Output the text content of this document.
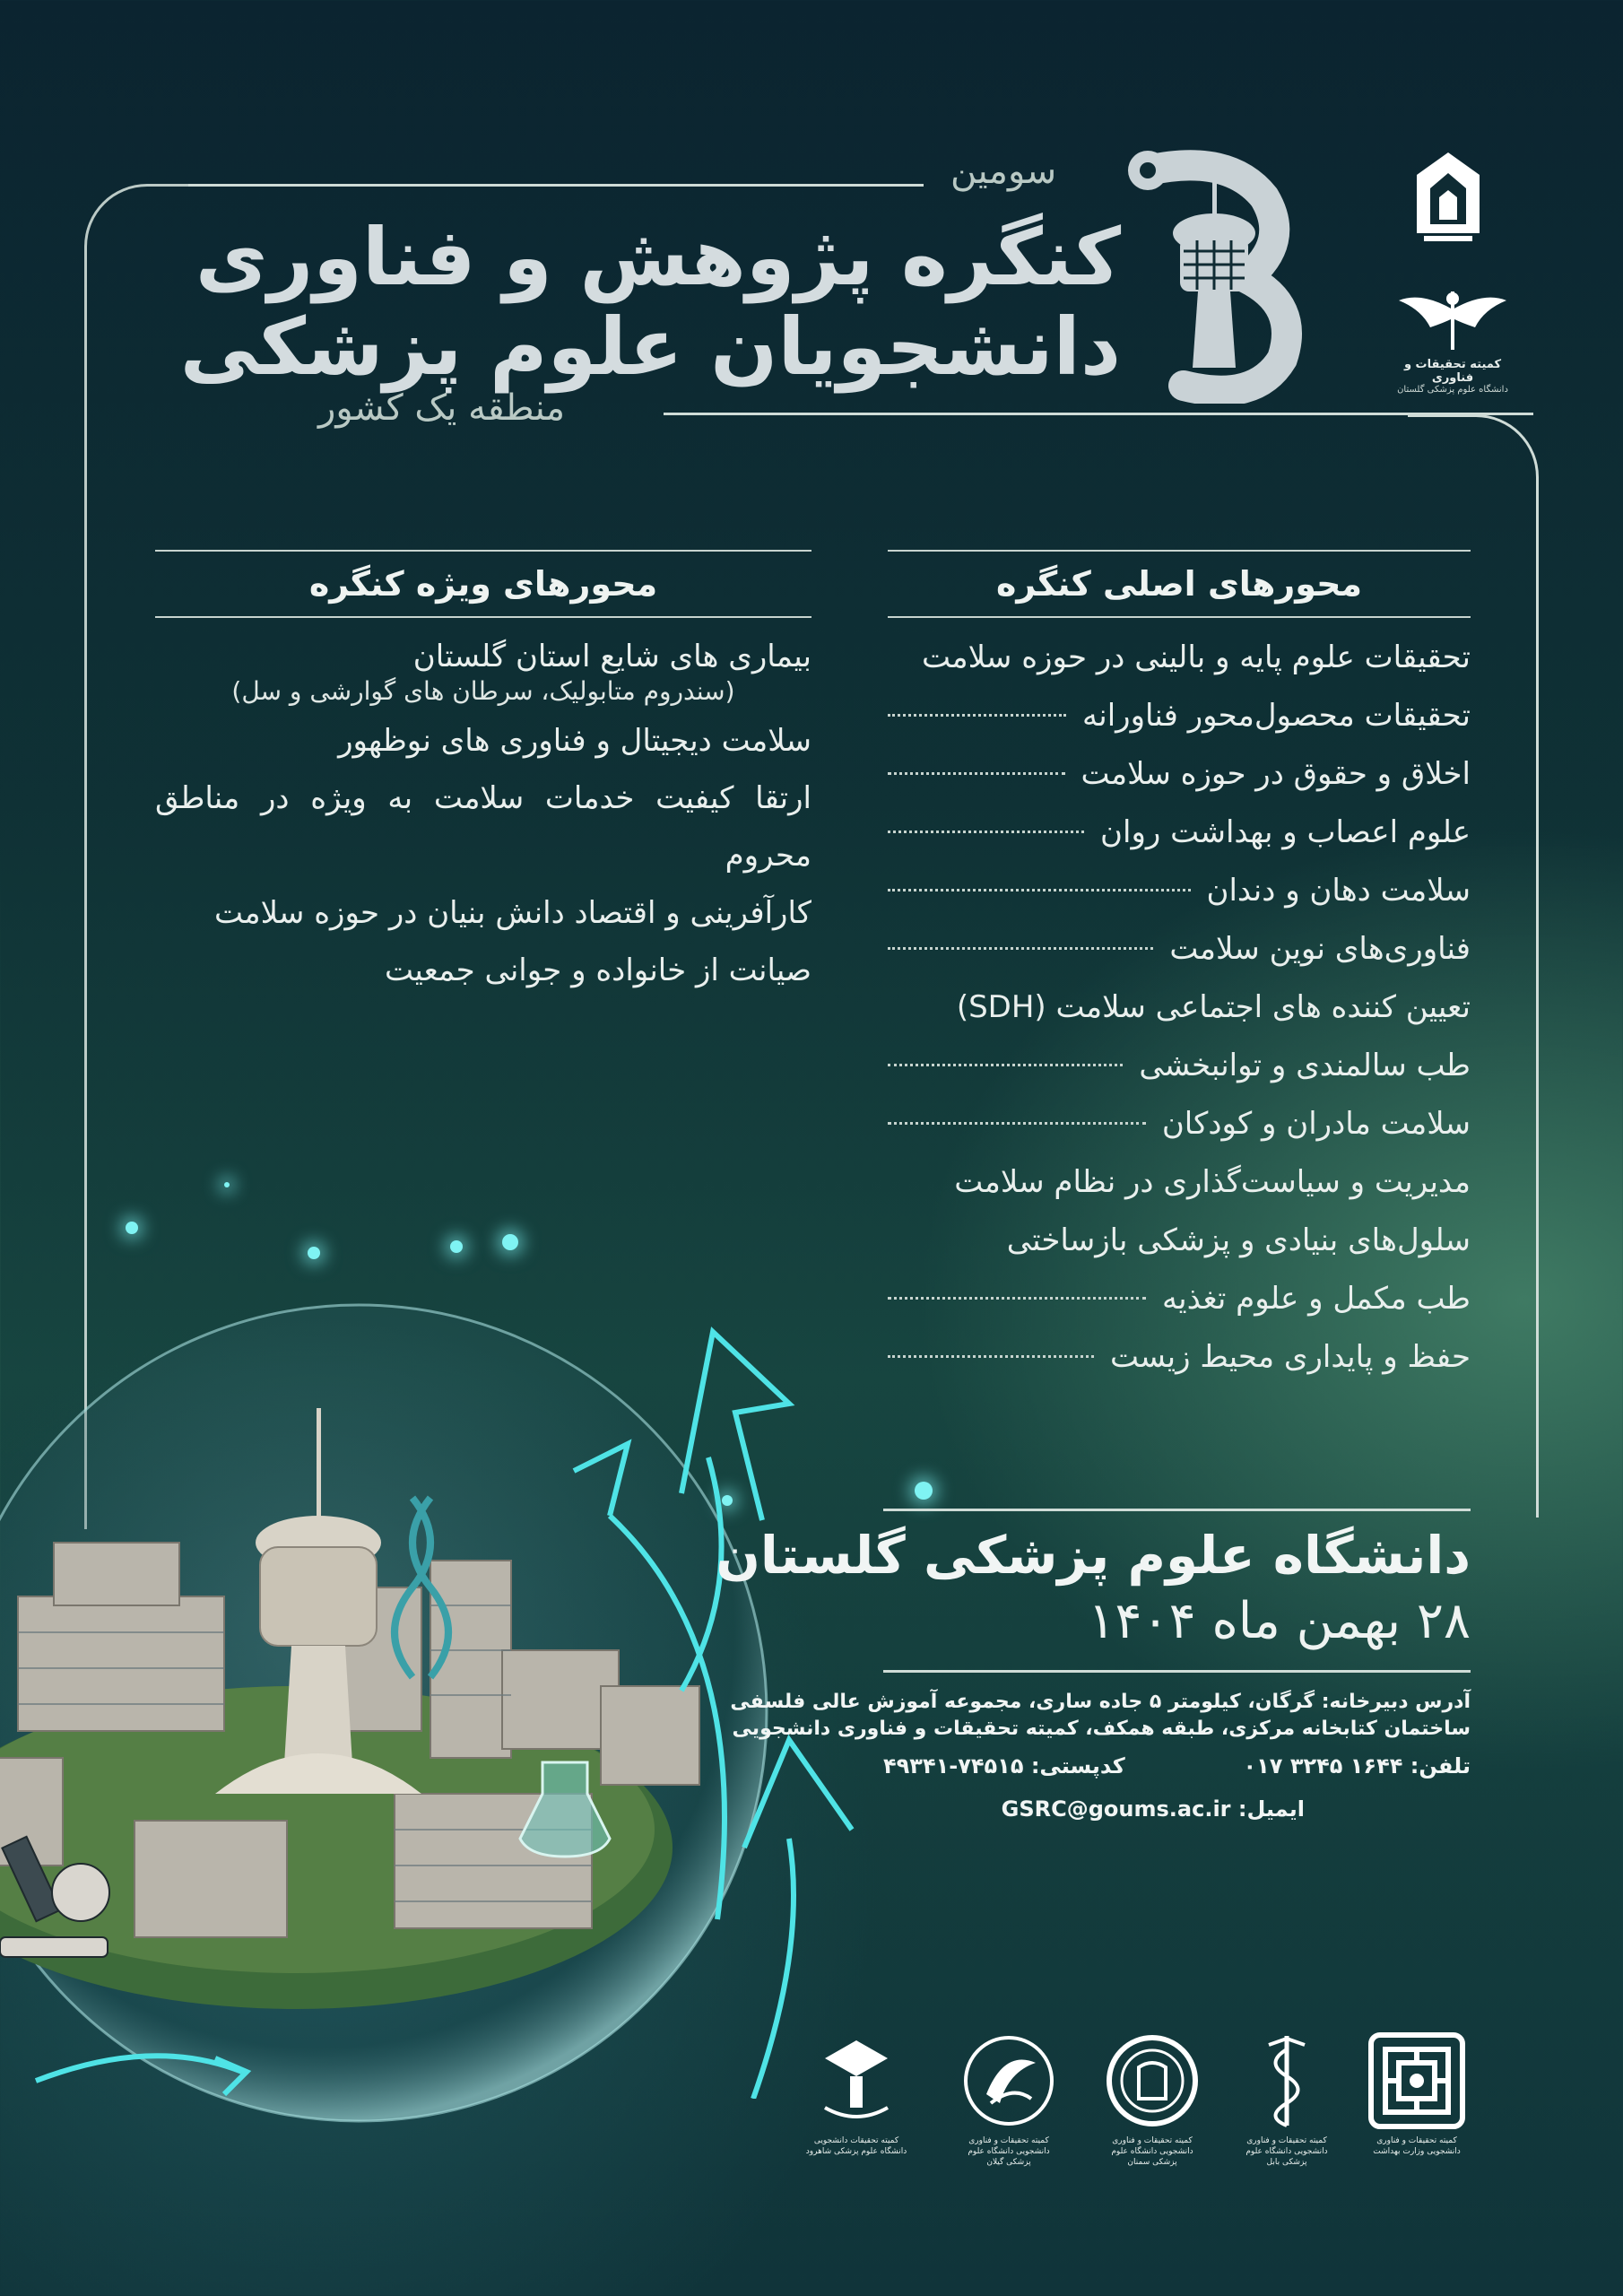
سومین
کنگره پژوهش و فناوری
دانشجویان علوم پزشکی
منطقه یک کشور
کمیته تحقیقات و فناوری
دانشگاه علوم پزشکی گلستان
محورهای اصلی کنگره
تحقیقات علوم پایه و بالینی در حوزه سلامت
تحقیقات محصول‌محور فناورانه
اخلاق و حقوق در حوزه سلامت
علوم اعصاب و بهداشت روان
سلامت دهان و دندان
فناوری‌های نوین سلامت
تعیین کننده های اجتماعی سلامت (SDH)
طب سالمندی و توانبخشی
سلامت مادران و کودکان
مدیریت و سیاست‌گذاری در نظام سلامت
سلول‌های بنیادی و پزشکی بازساختی
طب مکمل و علوم تغذیه
حفظ و پایداری محیط زیست
محورهای ویژه کنگره
بیماری های شایع استان گلستان
(سندروم متابولیک، سرطان های گوارشی و سل)
سلامت دیجیتال و فناوری های نوظهور
ارتقا کیفیت خدمات سلامت به ویژه در مناطق محروم
کارآفرینی و اقتصاد دانش بنیان در حوزه سلامت
صیانت از خانواده و جوانی جمعیت
دانشگاه علوم پزشکی گلستان
۲۸ بهمن ماه ۱۴۰۴
آدرس دبیرخانه: گرگان، کیلومتر ۵ جاده ساری، مجموعه آموزش عالی فلسفی
ساختمان کتابخانه مرکزی، طبقه همکف، کمیته تحقیقات و فناوری دانشجویی
تلفن: ۱۶۴۴ ۳۲۴۵ ۰۱۷
کدپستی: ۷۴۵۱۵-۴۹۳۴۱
ایمیل: GSRC@goums.ac.ir
کمیته تحقیقات و فناوری دانشجویی وزارت بهداشت
کمیته تحقیقات و فناوری دانشجویی دانشگاه علوم پزشکی بابل
کمیته تحقیقات و فناوری دانشجویی دانشگاه علوم پزشکی سمنان
کمیته تحقیقات و فناوری دانشجویی دانشگاه علوم پزشکی گیلان
کمیته تحقیقات دانشجویی دانشگاه علوم پزشکی شاهرود
